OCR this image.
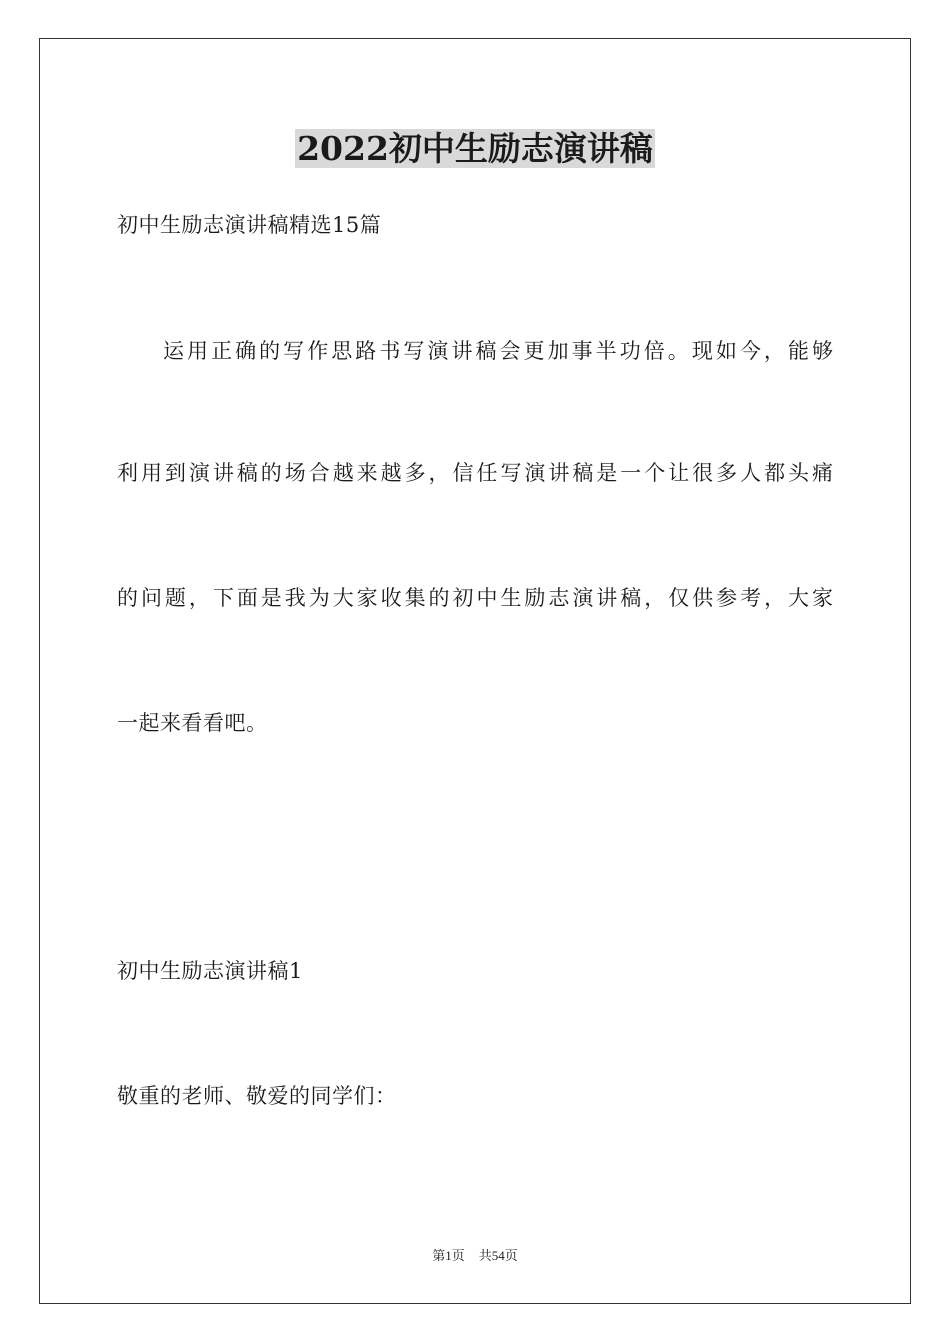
2022初中生励志演讲稿
初中生励志演讲稿精选15篇
运用正确的写作思路书写演讲稿会更加事半功倍。现如今，能够
利用到演讲稿的场合越来越多，信任写演讲稿是一个让很多人都头痛
的问题，下面是我为大家收集的初中生励志演讲稿，仅供参考，大家
一起来看看吧。
初中生励志演讲稿1
敬重的老师、敬爱的同学们：
第1页 共54页
